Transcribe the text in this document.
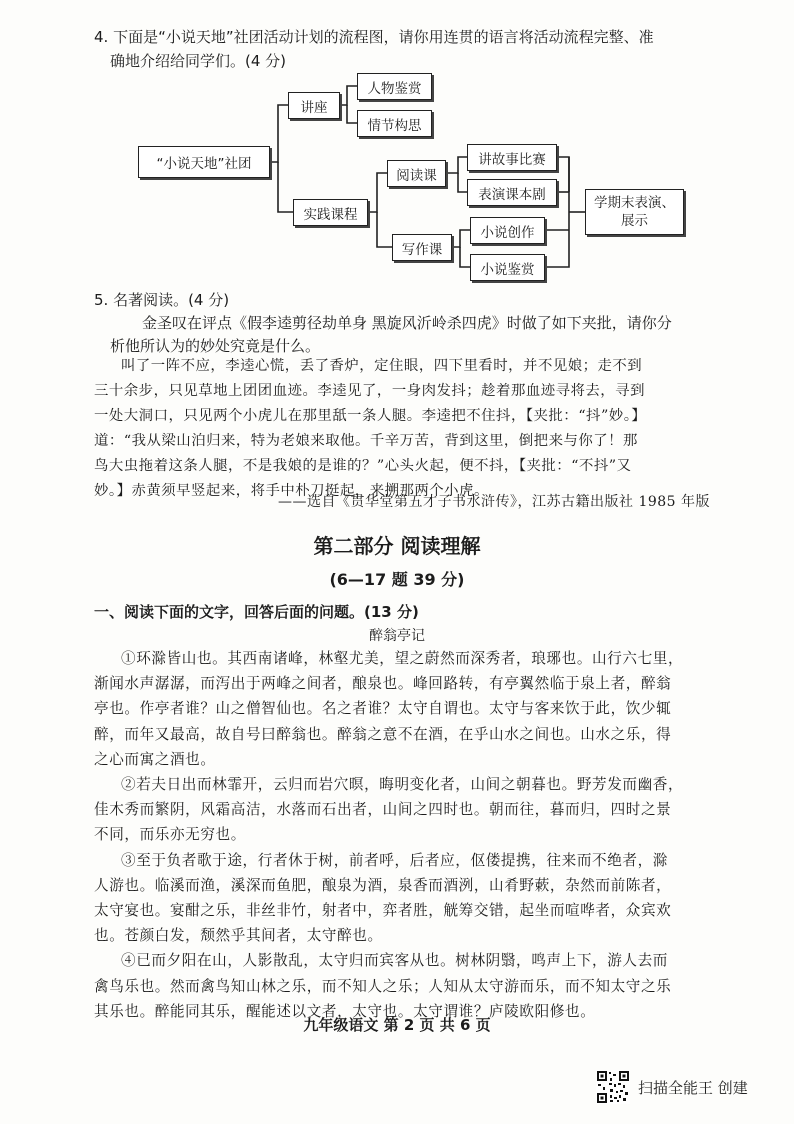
4. 下面是“小说天地”社团活动计划的流程图，请你用连贯的语言将活动流程完整、准
确地介绍给同学们。(4 分)
“小说天地”社团
讲座
人物鉴赏
情节构思
实践课程
阅读课
讲故事比赛
表演课本剧
写作课
小说创作
小说鉴赏
学期末表演、
展示
5. 名著阅读。(4 分)
金圣叹在评点《假李逵剪径劫单身 黑旋风沂岭杀四虎》时做了如下夹批，请你分
析他所认为的妙处究竟是什么。
叫了一阵不应，李逵心慌，丢了香炉，定住眼，四下里看时，并不见娘；走不到
三十余步，只见草地上团团血迹。李逵见了，一身肉发抖；趁着那血迹寻将去，寻到
一处大洞口，只见两个小虎儿在那里舐一条人腿。李逵把不住抖，【夹批：“抖”妙。】
道：“我从梁山泊归来，特为老娘来取他。千辛万苦，背到这里，倒把来与你了！那
鸟大虫拖着这条人腿，不是我娘的是谁的？”心头火起，便不抖，【夹批：“不抖”又
妙。】赤黄须早竖起来，将手中朴刀挺起，来搠那两个小虎。
——选自《贯华堂第五才子书水浒传》，江苏古籍出版社 1985 年版
第二部分 阅读理解
(6—17 题 39 分)
一、阅读下面的文字，回答后面的问题。(13 分)
醉翁亭记
①环滁皆山也。其西南诸峰，林壑尤美，望之蔚然而深秀者，琅琊也。山行六七里，
渐闻水声潺潺，而泻出于两峰之间者，酿泉也。峰回路转，有亭翼然临于泉上者，醉翁
亭也。作亭者谁？山之僧智仙也。名之者谁？太守自谓也。太守与客来饮于此，饮少辄
醉，而年又最高，故自号曰醉翁也。醉翁之意不在酒，在乎山水之间也。山水之乐，得
之心而寓之酒也。
②若夫日出而林霏开，云归而岩穴暝，晦明变化者，山间之朝暮也。野芳发而幽香，
佳木秀而繁阴，风霜高洁，水落而石出者，山间之四时也。朝而往，暮而归，四时之景
不同，而乐亦无穷也。
③至于负者歌于途，行者休于树，前者呼，后者应，伛偻提携，往来而不绝者，滁
人游也。临溪而渔，溪深而鱼肥，酿泉为酒，泉香而酒洌，山肴野蔌，杂然而前陈者，
太守宴也。宴酣之乐，非丝非竹，射者中，弈者胜，觥筹交错，起坐而喧哗者，众宾欢
也。苍颜白发，颓然乎其间者，太守醉也。
④已而夕阳在山，人影散乱，太守归而宾客从也。树林阴翳，鸣声上下，游人去而
禽鸟乐也。然而禽鸟知山林之乐，而不知人之乐；人知从太守游而乐，而不知太守之乐
其乐也。醉能同其乐，醒能述以文者，太守也。太守谓谁？庐陵欧阳修也。
九年级语文 第 2 页 共 6 页
扫描全能王 创建
